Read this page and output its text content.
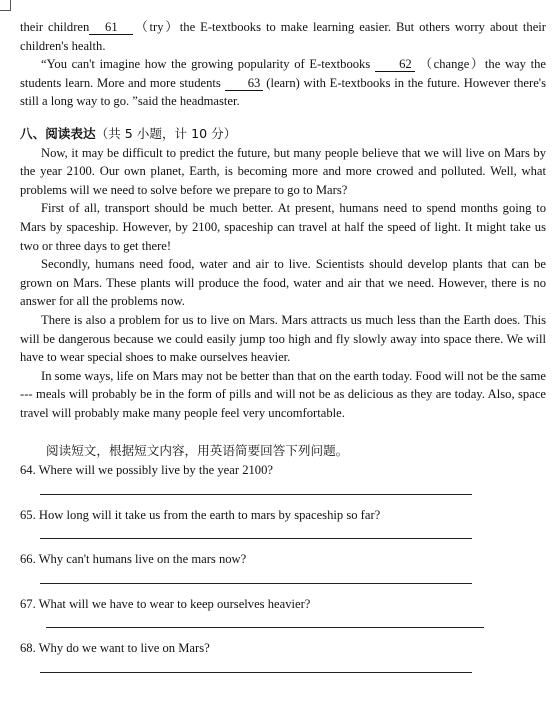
their children 61 （try）the E-textbooks to make learning easier. But others worry about their children's health.

“You can't imagine how the growing popularity of E-textbooks 62 （change）the way the students learn. More and more students 63 (learn) with E-textbooks in the future. However there's still a long way to go. ”said the headmaster.

八、阅读表达（共 5 小题，计 10 分）

Now, it may be difficult to predict the future, but many people believe that we will live on Mars by the year 2100. Our own planet, Earth, is becoming more and more crowed and polluted. Well, what problems will we need to solve before we prepare to go to Mars?

First of all, transport should be much better. At present, humans need to spend months going to Mars by spaceship. However, by 2100, spaceship can travel at half the speed of light. It might take us two or three days to get there!

Secondly, humans need food, water and air to live. Scientists should develop plants that can be grown on Mars. These plants will produce the food, water and air that we need. However, there is no answer for all the problems now.

There is also a problem for us to live on Mars. Mars attracts us much less than the Earth does. This will be dangerous because we could easily jump too high and fly slowly away into space there. We will have to wear special shoes to make ourselves heavier.

In some ways, life on Mars may not be better than that on the earth today. Food will not be the same --- meals will probably be in the form of pills and will not be as delicious as they are today. Also, space travel will probably make many people feel very uncomfortable.

阅读短文，根据短文内容，用英语简要回答下列问题。

64. Where will we possibly live by the year 2100?

65. How long will it take us from the earth to mars by spaceship so far?

66. Why can't humans live on the mars now?

67. What will we have to wear to keep ourselves heavier?

68. Why do we want to live on Mars?
